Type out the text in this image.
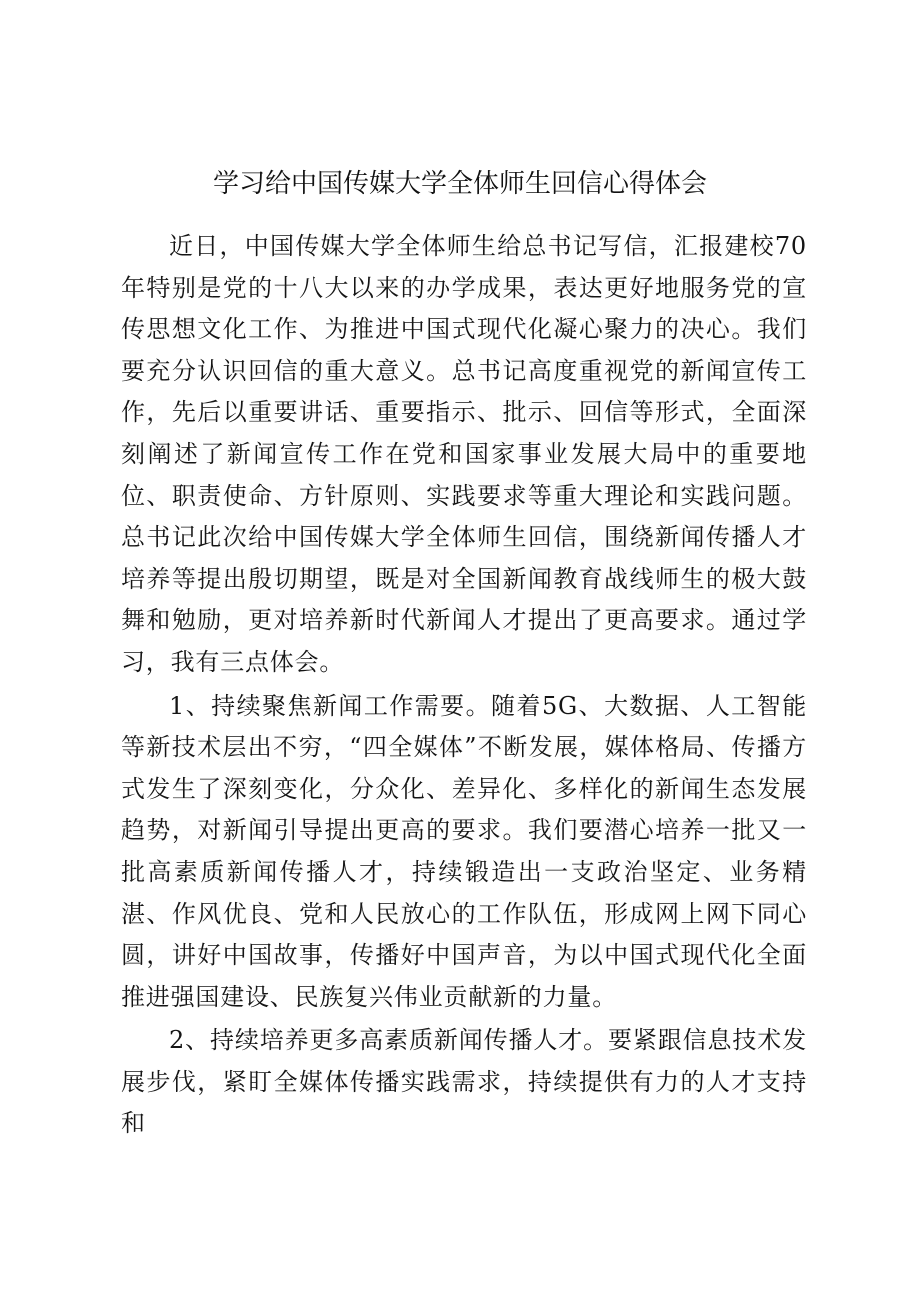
学习给中国传媒大学全体师生回信心得体会

近日，中国传媒大学全体师生给总书记写信，汇报建校70年特别是党的十八大以来的办学成果，表达更好地服务党的宣传思想文化工作、为推进中国式现代化凝心聚力的决心。我们要充分认识回信的重大意义。总书记高度重视党的新闻宣传工作，先后以重要讲话、重要指示、批示、回信等形式，全面深刻阐述了新闻宣传工作在党和国家事业发展大局中的重要地位、职责使命、方针原则、实践要求等重大理论和实践问题。总书记此次给中国传媒大学全体师生回信，围绕新闻传播人才培养等提出殷切期望，既是对全国新闻教育战线师生的极大鼓舞和勉励，更对培养新时代新闻人才提出了更高要求。通过学习，我有三点体会。

1、持续聚焦新闻工作需要。随着5G、大数据、人工智能等新技术层出不穷，“四全媒体”不断发展，媒体格局、传播方式发生了深刻变化，分众化、差异化、多样化的新闻生态发展趋势，对新闻引导提出更高的要求。我们要潜心培养一批又一批高素质新闻传播人才，持续锻造出一支政治坚定、业务精湛、作风优良、党和人民放心的工作队伍，形成网上网下同心圆，讲好中国故事，传播好中国声音，为以中国式现代化全面推进强国建设、民族复兴伟业贡献新的力量。

2、持续培养更多高素质新闻传播人才。要紧跟信息技术发展步伐，紧盯全媒体传播实践需求，持续提供有力的人才支持和
